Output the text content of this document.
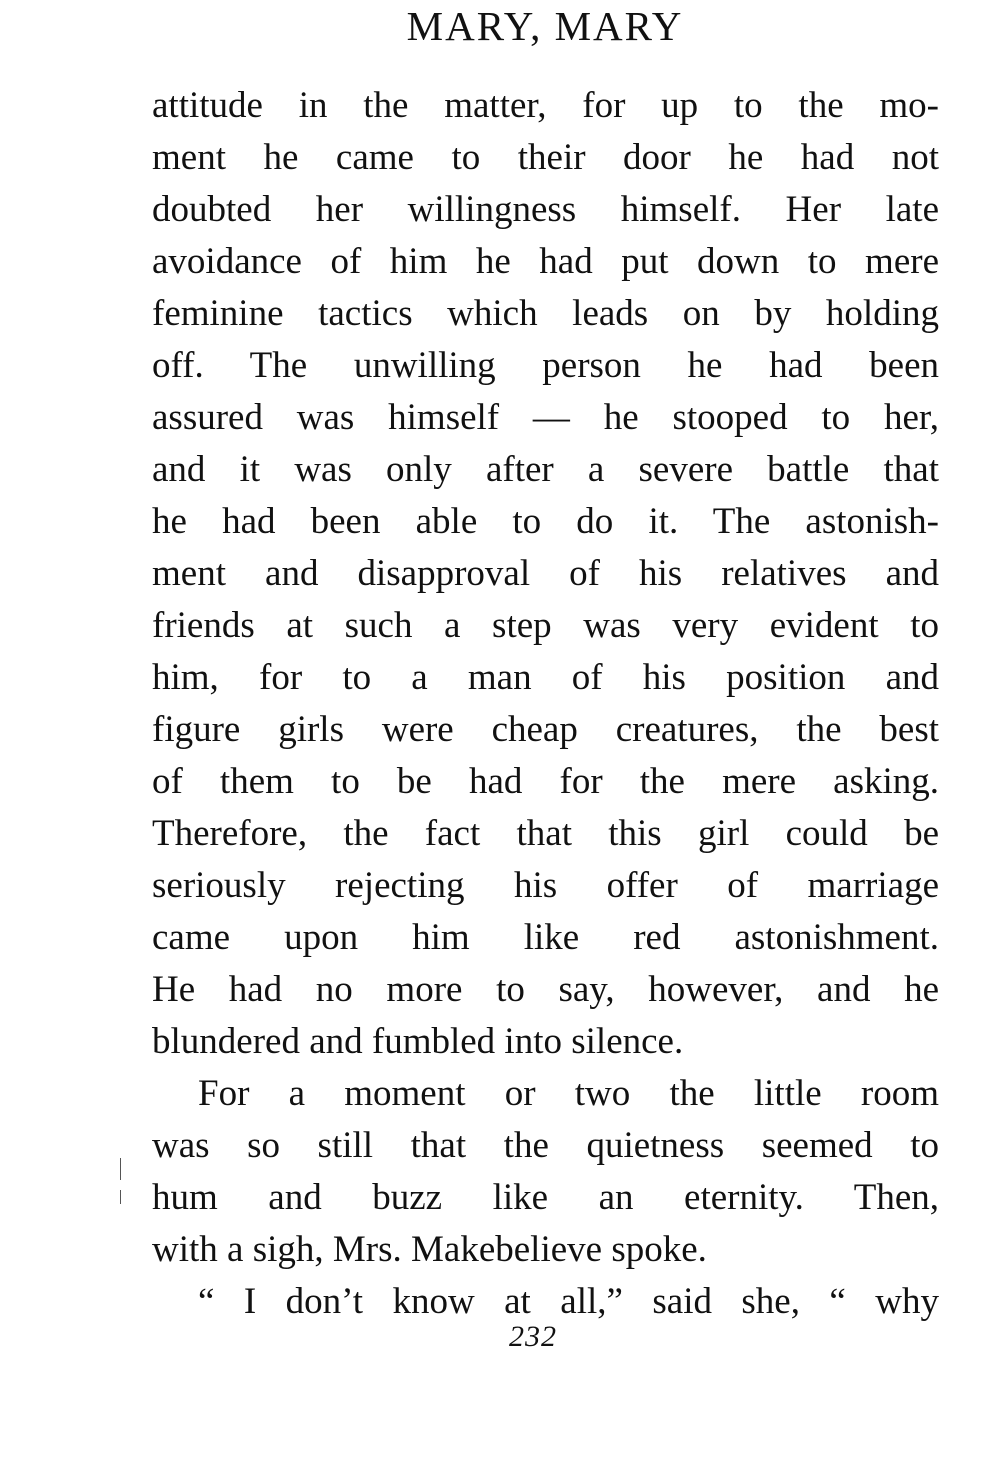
MARY, MARY
attitude in the matter, for up to the mo-
ment he came to their door he had not
doubted her willingness himself. Her late
avoidance of him he had put down to mere
feminine tactics which leads on by holding
off. The unwilling person he had been
assured was himself — he stooped to her,
and it was only after a severe battle that
he had been able to do it. The astonish-
ment and disapproval of his relatives and
friends at such a step was very evident to
him, for to a man of his position and
figure girls were cheap creatures, the best
of them to be had for the mere asking.
Therefore, the fact that this girl could be
seriously rejecting his offer of marriage
came upon him like red astonishment.
He had no more to say, however, and he
blundered and fumbled into silence.
For a moment or two the little room
was so still that the quietness seemed to
hum and buzz like an eternity. Then,
with a sigh, Mrs. Makebelieve spoke.
“ I don’t know at all,” said she, “ why
232
